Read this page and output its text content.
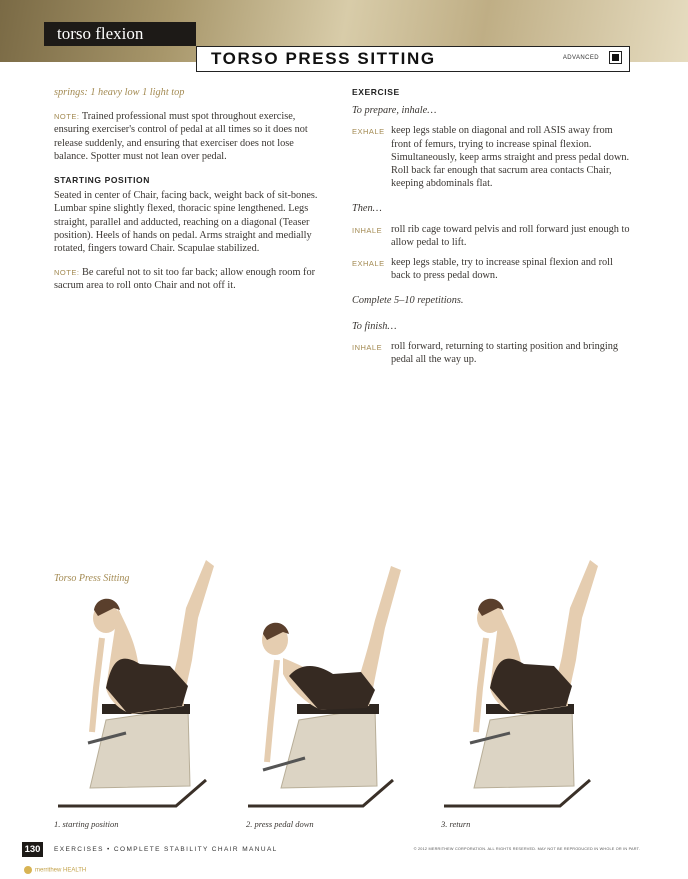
torso flexion
TORSO PRESS SITTING	ADVANCED
springs: 1 heavy low 1 light top

NOTE: Trained professional must spot throughout exercise, ensuring exerciser's control of pedal at all times so it does not release suddenly, and ensuring that exerciser does not lose balance. Spotter must not lean over pedal.

STARTING POSITION

Seated in center of Chair, facing back, weight back of sit-bones. Lumbar spine slightly flexed, thoracic spine lengthened. Legs straight, parallel and adducted, reaching on a diagonal (Teaser position). Heels of hands on pedal. Arms straight and medially rotated, fingers toward Chair. Scapulae stabilized.

NOTE: Be careful not to sit too far back; allow enough room for sacrum area to roll onto Chair and not off it.

EXERCISE

To prepare, inhale…

EXHALE keep legs stable on diagonal and roll ASIS away from front of femurs, trying to increase spinal flexion. Simultaneously, keep arms straight and press pedal down. Roll back far enough that sacrum area contacts Chair, keeping abdominals flat.

Then…

INHALE roll rib cage toward pelvis and roll forward just enough to allow pedal to lift.
EXHALE keep legs stable, try to increase spinal flexion and roll back to press pedal down.

Complete 5–10 repetitions.

To finish…

INHALE roll forward, returning to starting position and bringing pedal all the way up.
Torso Press Sitting
1. starting position	2. press pedal down	3. return
130	EXERCISES • COMPLETE STABILITY CHAIR MANUAL	© 2012 MERRITHEW CORPORATION. ALL RIGHTS RESERVED. MAY NOT BE REPRODUCED IN WHOLE OR IN PART.
merrithew HEALTH
